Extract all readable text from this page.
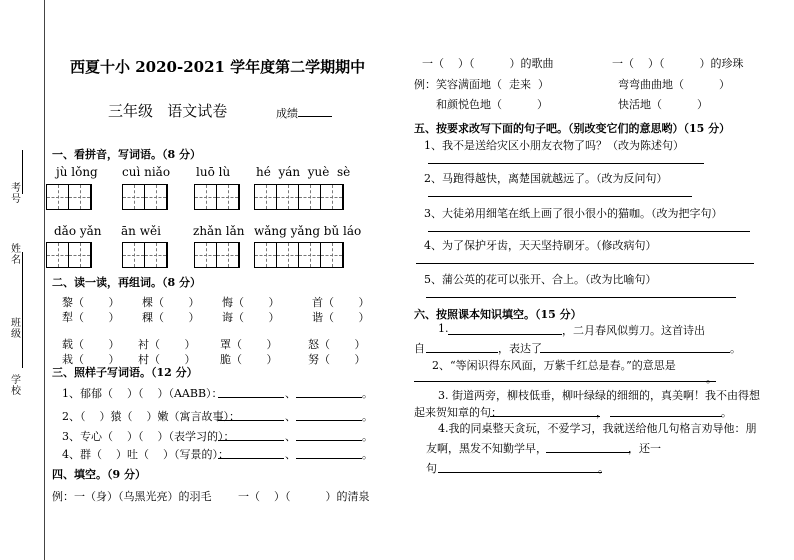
学校
班级
姓名
考号
西夏十小 2020-2021 学年度第二学期期中
三年级   语文试卷	成绩
一、看拼音，写词语。（8 分）
jù lǒng cuì niǎo luō lù hé  yán  yuè  sè
dǎo yǎn ān wěi	zhǎn lǎn wǎng yǎng bǔ láo
二、读一读，再组词。（8 分）
黎（       ） 棵（       ） 悔（       ）	首（       ）
犁（       ） 稞（       ） 诲（       ）	谐（       ）
载（       ） 衬（       ） 罩（       ）	怒（       ）
栽（       ） 村（       ） 脆（       ）	努（       ）
三、照样子写词语。（12 分）
1、郁郁（    ）（    ）（AABB）：	、	。
2、（    ）猿（    ）嫩（寓言故事）：	、	。
3、专心（    ）（    ）（表学习的）：	、	。
4、群（    ）吐（    ）（写景的）：	、	。
四、填空。（9 分）
例：一（身）（乌黑光亮）的羽毛 一（    ）（          ）的清泉
一（    ）（          ）的歌曲	一（    ）（          ）的珍珠
例：笑容满面地（  走来  ）	弯弯曲曲地（          ）
和颜悦色地（          ）	快活地（          ）
五、按要求改写下面的句子吧。（别改变它们的意思哟）（15 分）
1、我不是送给灾区小朋友衣物了吗？（改为陈述句）
2、马跑得越快，离楚国就越远了。（改为反问句）
3、大徒弟用细笔在纸上画了很小很小的猫咖。（改为把字句）
4、为了保护牙齿，天天坚持刷牙。（修改病句）
5、蒲公英的花可以张开、合上。（改为比喻句）
六、按照课本知识填空。（15 分）
1.	，二月春风似剪刀。这首诗出
自	，表达了	。
2、“等闲识得东风面，万紫千红总是春。”的意思是
。
3. 街道两旁，柳枝低垂，柳叶绿绿的细细的，真美啊！我不由得想
起来贺知章的句：	，	。
4.我的同桌整天贪玩，不爱学习，我就送给他几句格言劝导他：朋
友啊，黑发不知勤学早，	，还一
句	。
